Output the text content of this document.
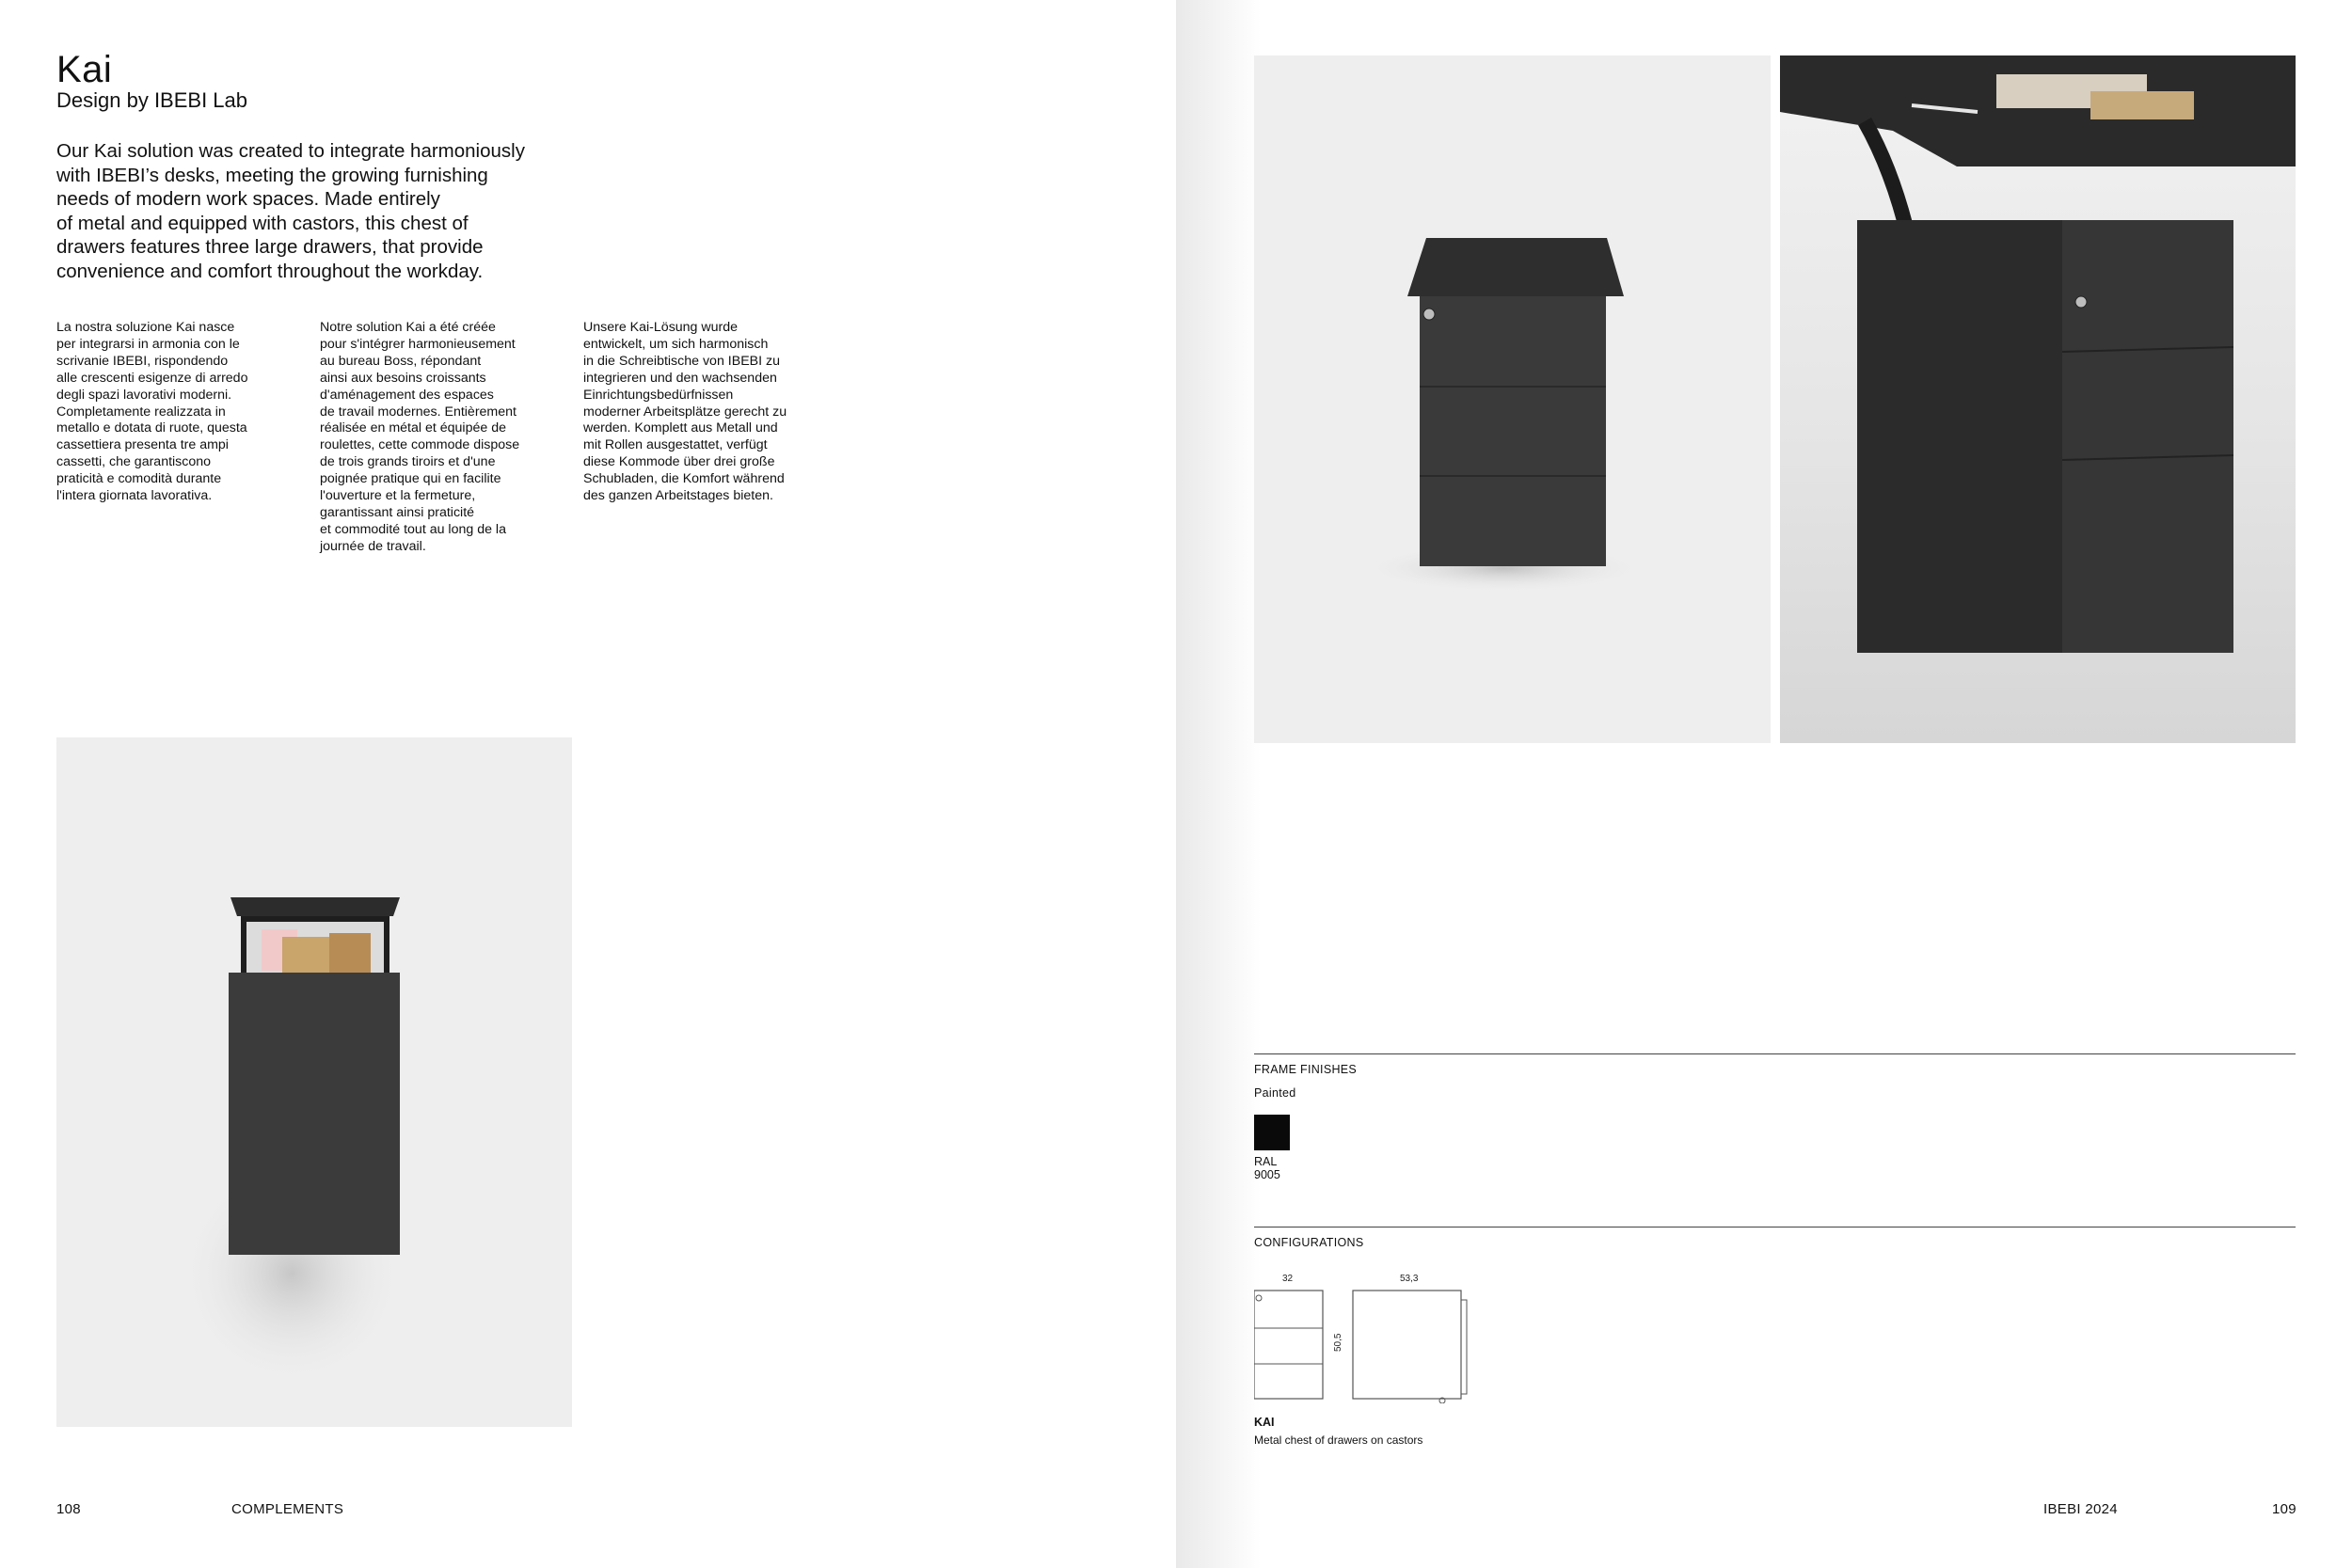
Kai
Design by IBEBI Lab

Our Kai solution was created to integrate harmoniously
with IBEBI’s desks, meeting the growing furnishing
needs of modern work spaces. Made entirely
of metal and equipped with castors, this chest of
drawers features three large drawers, that provide
convenience and comfort throughout the workday.

La nostra soluzione Kai nasce
per integrarsi in armonia con le
scrivanie IBEBI, rispondendo
alle crescenti esigenze di arredo
degli spazi lavorativi moderni.
Completamente realizzata in
metallo e dotata di ruote, questa
cassettiera presenta tre ampi
cassetti, che garantiscono
praticità e comodità durante
l'intera giornata lavorativa.

Notre solution Kai a été créée
pour s'intégrer harmonieusement
au bureau Boss, répondant
ainsi aux besoins croissants
d'aménagement des espaces
de travail modernes. Entièrement
réalisée en métal et équipée de
roulettes, cette commode dispose
de trois grands tiroirs et d'une
poignée pratique qui en facilite
l'ouverture et la fermeture,
garantissant ainsi praticité
et commodité tout au long de la
journée de travail.

Unsere Kai-Lösung wurde
entwickelt, um sich harmonisch
in die Schreibtische von IBEBI zu
integrieren und den wachsenden
Einrichtungsbedürfnissen
moderner Arbeitsplätze gerecht zu
werden. Komplett aus Metall und
mit Rollen ausgestattet, verfügt
diese Kommode über drei große
Schubladen, die Komfort während
des ganzen Arbeitstages bieten.

FRAME FINISHES
Painted
RAL
9005
CONFIGURATIONS
32	53,3
50,5
KAI
Metal chest of drawers on castors
108	COMPLEMENTS	IBEBI 2024	109
